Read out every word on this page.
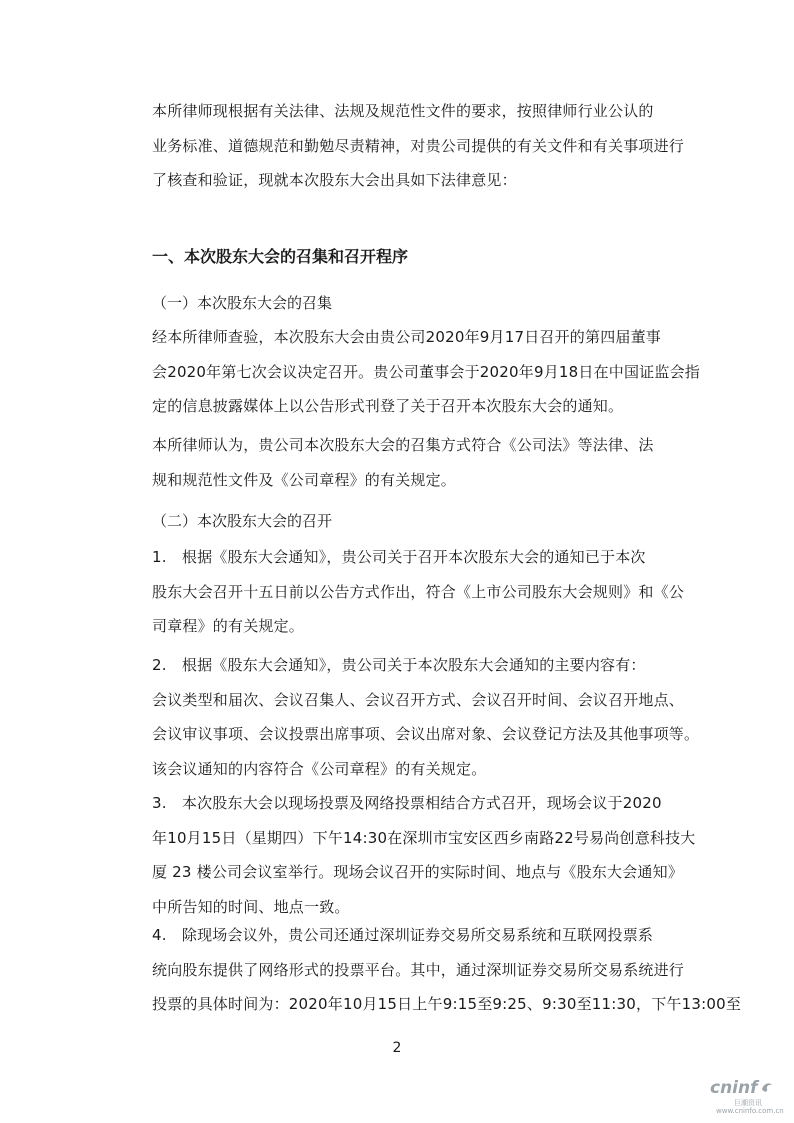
本所律师现根据有关法律、法规及规范性文件的要求，按照律师行业公认的
业务标准、道德规范和勤勉尽责精神，对贵公司提供的有关文件和有关事项进行
了核查和验证，现就本次股东大会出具如下法律意见：

一、本次股东大会的召集和召开程序

（一）本次股东大会的召集

经本所律师查验，本次股东大会由贵公司2020年9月17日召开的第四届董事
会2020年第七次会议决定召开。贵公司董事会于2020年9月18日在中国证监会指
定的信息披露媒体上以公告形式刊登了关于召开本次股东大会的通知。

本所律师认为，贵公司本次股东大会的召集方式符合《公司法》等法律、法
规和规范性文件及《公司章程》的有关规定。

（二）本次股东大会的召开

1.　根据《股东大会通知》，贵公司关于召开本次股东大会的通知已于本次
股东大会召开十五日前以公告方式作出，符合《上市公司股东大会规则》和《公
司章程》的有关规定。

2.　根据《股东大会通知》，贵公司关于本次股东大会通知的主要内容有：
会议类型和届次、会议召集人、会议召开方式、会议召开时间、会议召开地点、
会议审议事项、会议投票出席事项、会议出席对象、会议登记方法及其他事项等。
该会议通知的内容符合《公司章程》的有关规定。

3.　本次股东大会以现场投票及网络投票相结合方式召开，现场会议于2020
年10月15日（星期四）下午14:30在深圳市宝安区西乡南路22号易尚创意科技大
厦 23 楼公司会议室举行。现场会议召开的实际时间、地点与《股东大会通知》
中所告知的时间、地点一致。

4.　除现场会议外，贵公司还通过深圳证券交易所交易系统和互联网投票系
统向股东提供了网络形式的投票平台。其中，通过深圳证券交易所交易系统进行
投票的具体时间为：2020年10月15日上午9:15至9:25、9:30至11:30，下午13:00至

2
cninf
巨潮资讯
www.cninfo.com.cn
